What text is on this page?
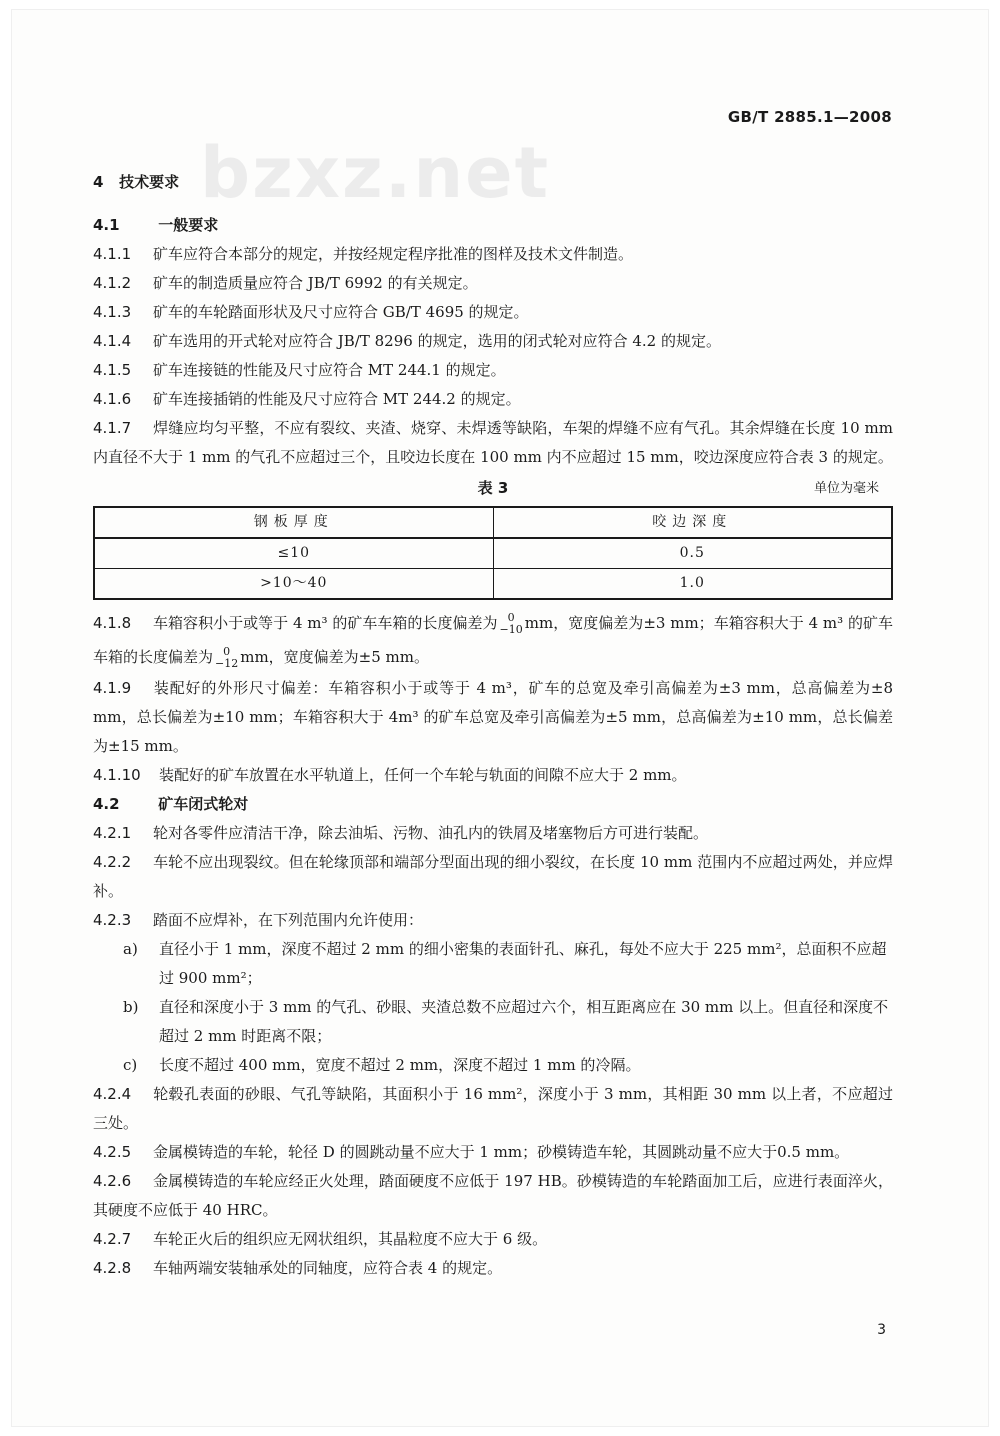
GB/T 2885.1—2008
bzxz.net
4 技术要求
4.1	一般要求
4.1.1 矿车应符合本部分的规定，并按经规定程序批准的图样及技术文件制造。
4.1.2 矿车的制造质量应符合 JB/T 6992 的有关规定。
4.1.3 矿车的车轮踏面形状及尺寸应符合 GB/T 4695 的规定。
4.1.4 矿车选用的开式轮对应符合 JB/T 8296 的规定，选用的闭式轮对应符合 4.2 的规定。
4.1.5 矿车连接链的性能及尺寸应符合 MT 244.1 的规定。
4.1.6 矿车连接插销的性能及尺寸应符合 MT 244.2 的规定。
4.1.7 焊缝应均匀平整，不应有裂纹、夹渣、烧穿、未焊透等缺陷，车架的焊缝不应有气孔。其余焊缝在长度 10 mm 内直径不大于 1 mm 的气孔不应超过三个，且咬边长度在 100 mm 内不应超过 15 mm，咬边深度应符合表 3 的规定。
表 3	单位为毫米
钢板厚度	咬边深度
≤10	0.5
>10～40	1.0
4.1.8 车箱容积小于或等于 4 m³ 的矿车车箱的长度偏差为 0
−10 mm，宽度偏差为±3 mm；车箱容积大于 4 m³ 的矿车车箱的长度偏差为 0
−12 mm，宽度偏差为±5 mm。
4.1.9 装配好的外形尺寸偏差：车箱容积小于或等于 4 m³，矿车的总宽及牵引高偏差为±3 mm，总高偏差为±8 mm，总长偏差为±10 mm；车箱容积大于 4m³ 的矿车总宽及牵引高偏差为±5 mm，总高偏差为±10 mm，总长偏差为±15 mm。
4.1.10 装配好的矿车放置在水平轨道上，任何一个车轮与轨面的间隙不应大于 2 mm。
4.2	矿车闭式轮对
4.2.1 轮对各零件应清洁干净，除去油垢、污物、油孔内的铁屑及堵塞物后方可进行装配。
4.2.2 车轮不应出现裂纹。但在轮缘顶部和端部分型面出现的细小裂纹，在长度 10 mm 范围内不应超过两处，并应焊补。
4.2.3 踏面不应焊补，在下列范围内允许使用：
a)	直径小于 1 mm，深度不超过 2 mm 的细小密集的表面针孔、麻孔，每处不应大于 225 mm²，总面积不应超过 900 mm²；
b)	直径和深度小于 3 mm 的气孔、砂眼、夹渣总数不应超过六个，相互距离应在 30 mm 以上。但直径和深度不超过 2 mm 时距离不限；
c)	长度不超过 400 mm，宽度不超过 2 mm，深度不超过 1 mm 的冷隔。
4.2.4 轮毂孔表面的砂眼、气孔等缺陷，其面积小于 16 mm²，深度小于 3 mm，其相距 30 mm 以上者，不应超过三处。
4.2.5 金属模铸造的车轮，轮径 D 的圆跳动量不应大于 1 mm；砂模铸造车轮，其圆跳动量不应大于0.5 mm。
4.2.6 金属模铸造的车轮应经正火处理，踏面硬度不应低于 197 HB。砂模铸造的车轮踏面加工后，应进行表面淬火，其硬度不应低于 40 HRC。
4.2.7 车轮正火后的组织应无网状组织，其晶粒度不应大于 6 级。
4.2.8 车轴两端安装轴承处的同轴度，应符合表 4 的规定。
3
